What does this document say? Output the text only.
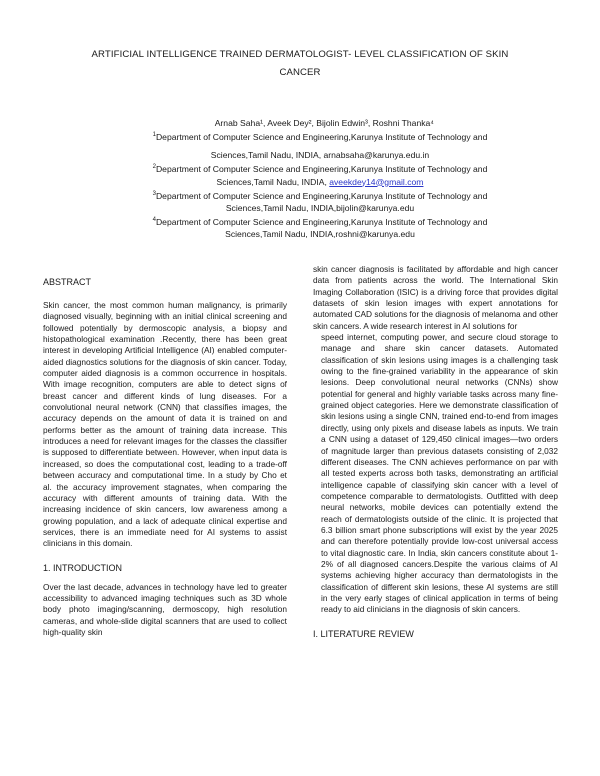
ARTIFICIAL INTELLIGENCE TRAINED DERMATOLOGIST- LEVEL CLASSIFICATION OF SKIN
CANCER
Arnab Saha¹, Aveek Dey², Bijolin Edwin³, Roshni Thanka⁴
$^1$Department of Computer Science and Engineering,Karunya Institute of Technology and
Sciences,Tamil Nadu, INDIA, arnabsaha@karunya.edu.in
$^2$Department of Computer Science and Engineering,Karunya Institute of Technology and
Sciences,Tamil Nadu, INDIA, aveekdey14@gmail.com
$^3$Department of Computer Science and Engineering,Karunya Institute of Technology and
Sciences,Tamil Nadu, INDIA,bijolin@karunya.edu
$^4$Department of Computer Science and Engineering,Karunya Institute of Technology and
Sciences,Tamil Nadu, INDIA,roshni@karunya.edu

ABSTRACT

Skin cancer, the most common human malignancy, is primarily diagnosed visually, beginning with an initial clinical screening and followed potentially by dermoscopic analysis, a biopsy and histopathological examination .Recently, there has been great interest in developing Artificial Intelligence (AI) enabled computer-aided diagnostics solutions for the diagnosis of skin cancer. Today, computer aided diagnosis is a common occurrence in hospitals. With image recognition, computers are able to detect signs of breast cancer and different kinds of lung diseases. For a convolutional neural network (CNN) that classifies images, the accuracy depends on the amount of data it is trained on and performs better as the amount of training data increase. This introduces a need for relevant images for the classes the classifier is supposed to differentiate between. However, when input data is increased, so does the computational cost, leading to a trade-off between accuracy and computational time. In a study by Cho et al. the accuracy improvement stagnates, when comparing the accuracy with different amounts of training data. With the increasing incidence of skin cancers, low awareness among a growing population, and a lack of adequate clinical expertise and services, there is an immediate need for AI systems to assist clinicians in this domain.

1. INTRODUCTION

Over the last decade, advances in technology have led to greater accessibility to advanced imaging techniques such as 3D whole body photo imaging/scanning, dermoscopy, high resolution cameras, and whole-slide digital scanners that are used to collect high-quality skin

skin cancer diagnosis is facilitated by affordable and high cancer data from patients across the world. The International Skin Imaging Collaboration (ISIC) is a driving force that provides digital datasets of skin lesion images with expert annotations for automated CAD solutions for the diagnosis of melanoma and other skin cancers. A wide research interest in AI solutions for

speed internet, computing power, and secure cloud storage to manage and share skin cancer datasets. Automated classification of skin lesions using images is a challenging task owing to the fine-grained variability in the appearance of skin lesions. Deep convolutional neural networks (CNNs) show potential for general and highly variable tasks across many fine-grained object categories. Here we demonstrate classification of skin lesions using a single CNN, trained end-to-end from images directly, using only pixels and disease labels as inputs. We train a CNN using a dataset of 129,450 clinical images—two orders of magnitude larger than previous datasets consisting of 2,032 different diseases. The CNN achieves performance on par with all tested experts across both tasks, demonstrating an artificial intelligence capable of classifying skin cancer with a level of competence comparable to dermatologists. Outfitted with deep neural networks, mobile devices can potentially extend the reach of dermatologists outside of the clinic. It is projected that 6.3 billion smart phone subscriptions will exist by the year 2025 and can therefore potentially provide low-cost universal access to vital diagnostic care. In India, skin cancers constitute about 1-2% of all diagnosed cancers.Despite the various claims of AI systems achieving higher accuracy than dermatologists in the classification of different skin lesions, these AI systems are still in the very early stages of clinical application in terms of being ready to aid clinicians in the diagnosis of skin cancers.

I. LITERATURE REVIEW
